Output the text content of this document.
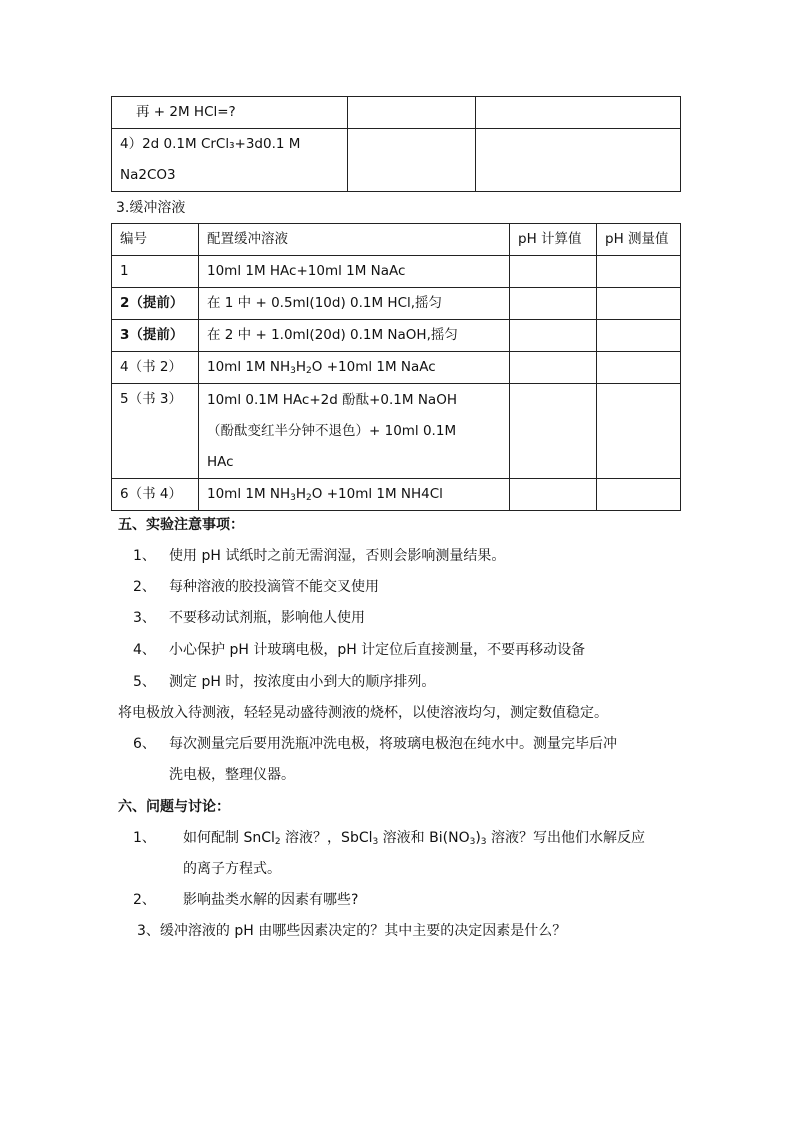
再 + 2M HCl=?		

4）2d 0.1M CrCl₃+3d0.1 M
Na2CO3		

3.缓冲溶液
编号	配置缓冲溶液	pH 计算值	pH 测量值
1	10ml 1M HAc+10ml 1M NaAc		
2（提前）	在 1 中 + 0.5ml(10d) 0.1M HCl,摇匀		
3（提前）	在 2 中 + 1.0ml(20d) 0.1M NaOH,摇匀		
4（书 2）	10ml 1M $NH_3H_2O +10ml$ 1M NaAc		
5（书 3）	10ml 0.1M HAc+2d 酚酞+0.1M NaOH
（酚酞变红半分钟不退色）+ 10ml 0.1M
HAc		

6（书 4）	10ml 1M $NH_3H_2O +10ml$ 1M NH4Cl		
五、实验注意事项：
1、 使用 pH 试纸时之前无需润湿，否则会影响测量结果。
2、 每种溶液的胶投滴管不能交叉使用
3、 不要移动试剂瓶，影响他人使用
4、 小心保护 pH 计玻璃电极，pH 计定位后直接测量，不要再移动设备
5、 测定 pH 时，按浓度由小到大的顺序排列。
将电极放入待测液，轻轻晃动盛待测液的烧杯，以使溶液均匀，测定数值稳定。
6、 每次测量完后要用洗瓶冲洗电极，将玻璃电极泡在纯水中。测量完毕后冲
洗电极，整理仪器。
六、问题与讨论：
1、 如何配制 SnCl$_2$ 溶液？，SbCl$_3$ 溶液和 $Bi(NO_3)_3$ 溶液？写出他们水解反应
的离子方程式。
2、 影响盐类水解的因素有哪些?
3、缓冲溶液的 pH 由哪些因素决定的？其中主要的决定因素是什么？
